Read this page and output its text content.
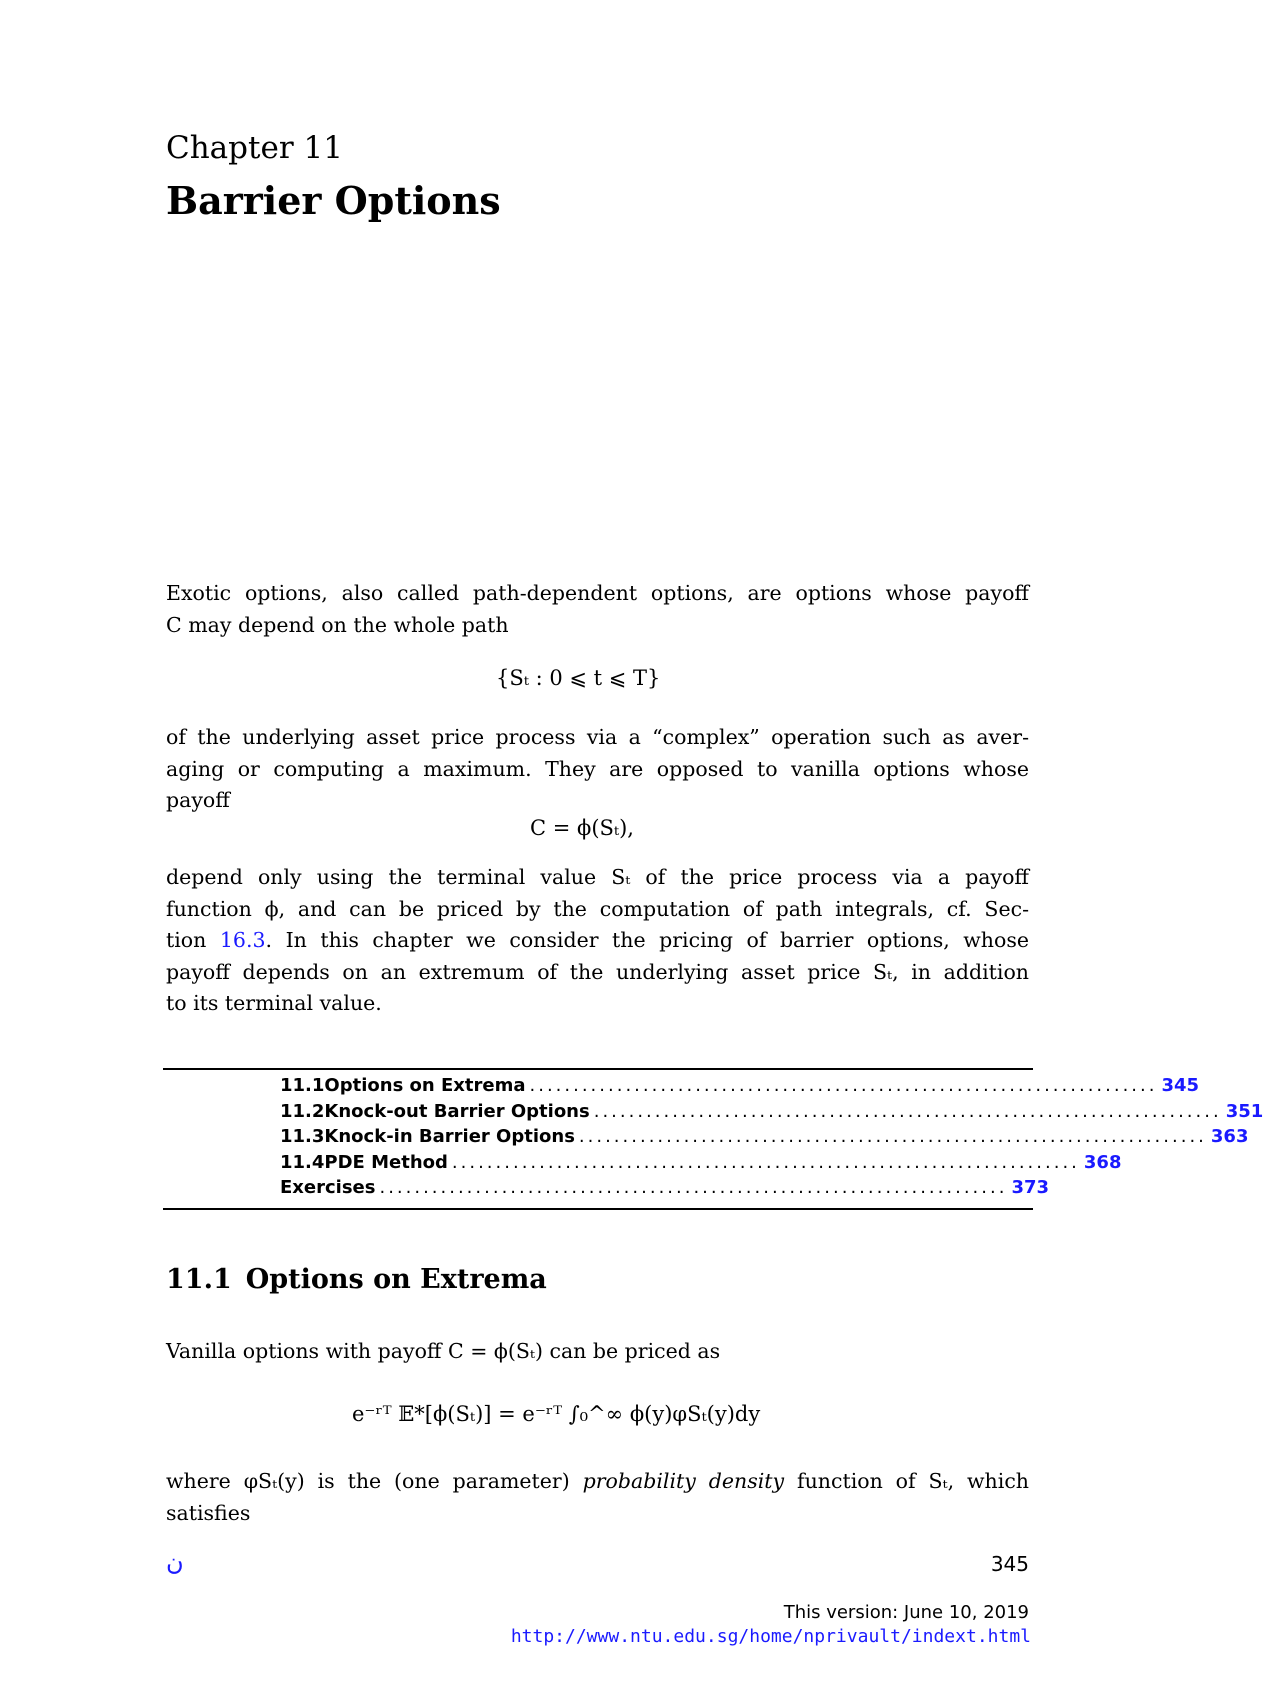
Chapter 11
Barrier Options
Exotic options, also called path-dependent options, are options whose payoff
C may depend on the whole path
{Sₜ : 0 ⩽ t ⩽ T}
of the underlying asset price process via a “complex” operation such as aver-
aging or computing a maximum. They are opposed to vanilla options whose
payoff
C = ϕ(Sₜ),
depend only using the terminal value Sₜ of the price process via a payoff
function ϕ, and can be priced by the computation of path integrals, cf. Sec-
tion 16.3. In this chapter we consider the pricing of barrier options, whose
payoff depends on an extremum of the underlying asset price Sₜ, in addition
to its terminal value.
11.1 Options on Extrema ........................................................................ 345
11.2 Knock-out Barrier Options ........................................................................ 351
11.3 Knock-in Barrier Options ........................................................................ 363
11.4 PDE Method ........................................................................ 368
Exercises ........................................................................ 373
11.1 Options on Extrema
Vanilla options with payoff C = ϕ(Sₜ) can be priced as
e⁻ʳᵀ 𝔼*[ϕ(Sₜ)] = e⁻ʳᵀ ∫₀^∞ ϕ(y)φSₜ(y)dy
where φSₜ(y) is the (one parameter) probability density function of Sₜ, which
satisfies
ن	345
This version: June 10, 2019
http://www.ntu.edu.sg/home/nprivault/indext.html
